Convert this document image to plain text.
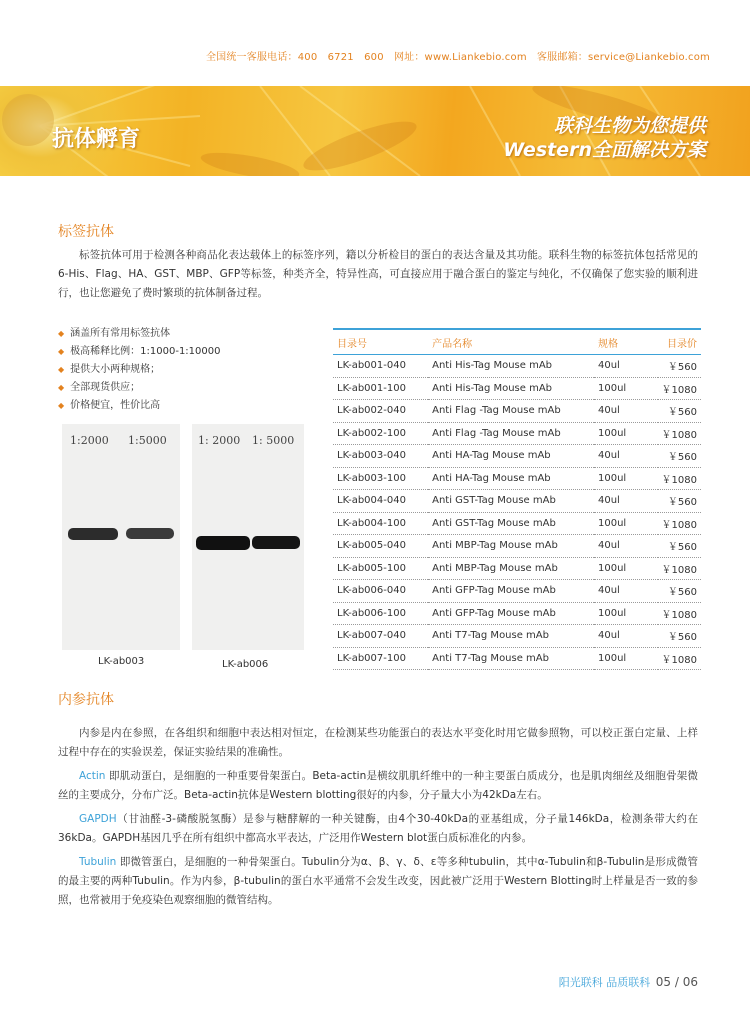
全国统一客服电话：400　6721　600　网址：www.Liankebio.com　客服邮箱：service@Liankebio.com
抗体孵育
联科生物为您提供
Western全面解决方案
标签抗体
标签抗体可用于检测各种商品化表达载体上的标签序列，籍以分析检目的蛋白的表达含量及其功能。联科生物的标签抗体包括常见的6-His、Flag、HA、GST、MBP、GFP等标签，种类齐全，特异性高，可直接应用于融合蛋白的鉴定与纯化，不仅确保了您实验的顺利进行，也让您避免了费时繁琐的抗体制备过程。
◆ 涵盖所有常用标签抗体
◆ 极高稀释比例：1:1000-1:10000
◆ 提供大小两种规格；
◆ 全部现货供应；
◆ 价格便宜，性价比高
1:2000 1:5000	1: 2000 1: 5000
LK-ab003	LK-ab006
目录号	产品名称	规格	目录价
LK-ab001-040	Anti His-Tag Mouse mAb	40ul	￥560
LK-ab001-100	Anti His-Tag Mouse mAb	100ul	￥1080
LK-ab002-040	Anti Flag -Tag Mouse mAb	40ul	￥560
LK-ab002-100	Anti Flag -Tag Mouse mAb	100ul	￥1080
LK-ab003-040	Anti HA-Tag Mouse mAb	40ul	￥560
LK-ab003-100	Anti HA-Tag Mouse mAb	100ul	￥1080
LK-ab004-040	Anti GST-Tag Mouse mAb	40ul	￥560
LK-ab004-100	Anti GST-Tag Mouse mAb	100ul	￥1080
LK-ab005-040	Anti MBP-Tag Mouse mAb	40ul	￥560
LK-ab005-100	Anti MBP-Tag Mouse mAb	100ul	￥1080
LK-ab006-040	Anti GFP-Tag Mouse mAb	40ul	￥560
LK-ab006-100	Anti GFP-Tag Mouse mAb	100ul	￥1080
LK-ab007-040	Anti T7-Tag Mouse mAb	40ul	￥560
LK-ab007-100	Anti T7-Tag Mouse mAb	100ul	￥1080
内参抗体
内参是内在参照，在各组织和细胞中表达相对恒定，在检测某些功能蛋白的表达水平变化时用它做参照物，可以校正蛋白定量、上样过程中存在的实验误差，保证实验结果的准确性。
Actin 即肌动蛋白，是细胞的一种重要骨架蛋白。Beta-actin是横纹肌肌纤维中的一种主要蛋白质成分，也是肌肉细丝及细胞骨架微丝的主要成分，分布广泛。Beta-actin抗体是Western blotting很好的内参，分子量大小为42kDa左右。
GAPDH（甘油醛-3-磷酸脱氢酶）是参与糖酵解的一种关键酶，由4个30-40kDa的亚基组成，分子量146kDa，检测条带大约在36kDa。GAPDH基因几乎在所有组织中都高水平表达，广泛用作Western blot蛋白质标准化的内参。
Tubulin 即微管蛋白，是细胞的一种骨架蛋白。Tubulin分为α、β、γ、δ、ε等多种tubulin，其中α-Tubulin和β-Tubulin是形成微管的最主要的两种Tubulin。作为内参，β-tubulin的蛋白水平通常不会发生改变，因此被广泛用于Western Blotting时上样量是否一致的参照，也常被用于免疫染色观察细胞的微管结构。
阳光联科 品质联科 05 / 06
